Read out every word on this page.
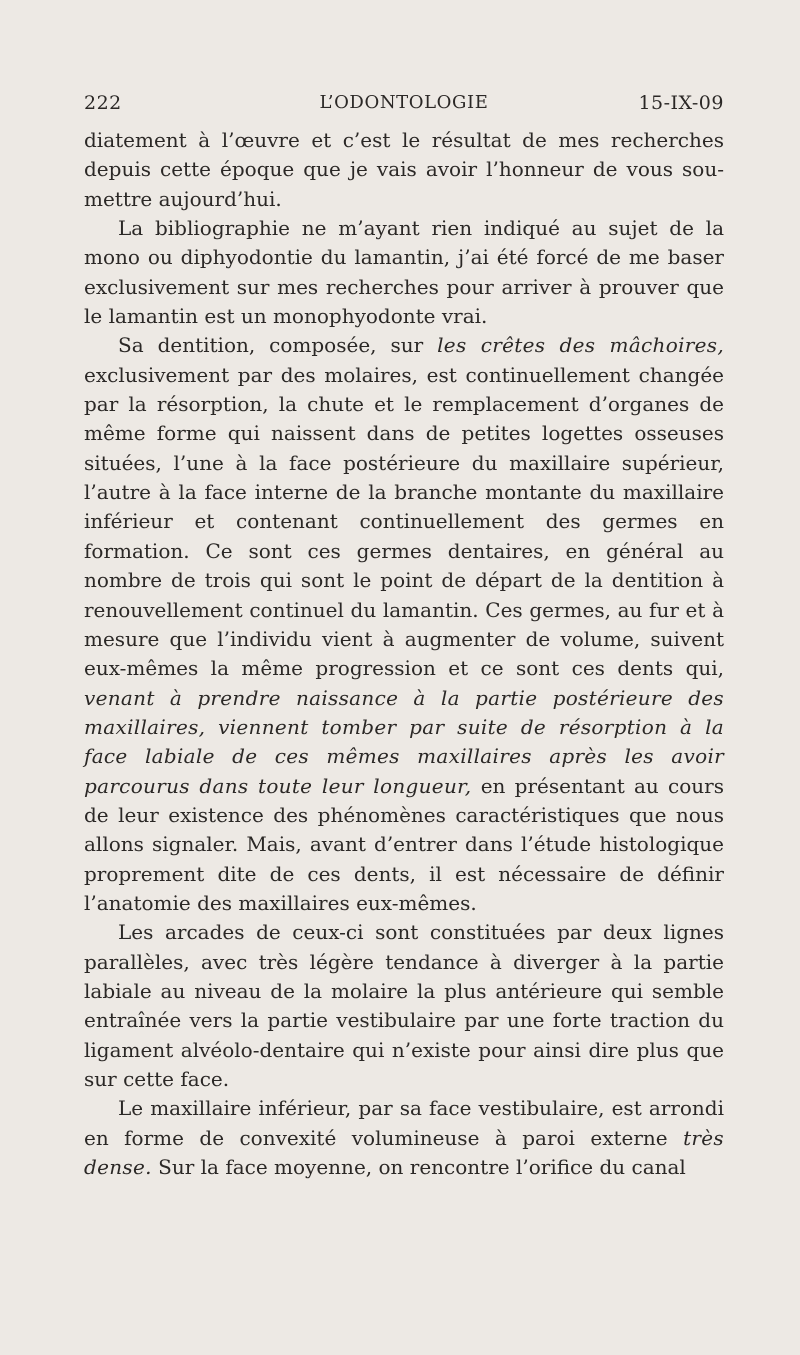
222	L’ODONTOLOGIE	15-IX-09

diatement à l’œuvre et c’est le résultat de mes recherches depuis cette époque que je vais avoir l’honneur de vous soumettre aujourd’hui.

La bibliographie ne m’ayant rien indiqué au sujet de la mono ou diphyodontie du lamantin, j’ai été forcé de me baser exclusivement sur mes recherches pour arriver à prouver que le lamantin est un monophyodonte vrai.

Sa dentition, composée, sur les crêtes des mâchoires, exclusivement par des molaires, est continuellement changée par la résorption, la chute et le remplacement d’organes de même forme qui naissent dans de petites logettes osseuses situées, l’une à la face postérieure du maxillaire supérieur, l’autre à la face interne de la branche montante du maxillaire inférieur et contenant continuellement des germes en formation. Ce sont ces germes dentaires, en général au nombre de trois qui sont le point de départ de la dentition à renouvellement continuel du lamantin. Ces germes, au fur et à mesure que l’individu vient à augmenter de volume, suivent eux-mêmes la même progression et ce sont ces dents qui, venant à prendre naissance à la partie postérieure des maxillaires, viennent tomber par suite de résorption à la face labiale de ces mêmes maxillaires après les avoir parcourus dans toute leur longueur, en présentant au cours de leur existence des phénomènes caractéristiques que nous allons signaler. Mais, avant d’entrer dans l’étude histologique proprement dite de ces dents, il est nécessaire de définir l’anatomie des maxillaires eux-mêmes.

Les arcades de ceux-ci sont constituées par deux lignes parallèles, avec très légère tendance à diverger à la partie labiale au niveau de la molaire la plus antérieure qui semble entraînée vers la partie vestibulaire par une forte traction du ligament alvéolo-dentaire qui n’existe pour ainsi dire plus que sur cette face.

Le maxillaire inférieur, par sa face vestibulaire, est arrondi en forme de convexité volumineuse à paroi externe très dense. Sur la face moyenne, on rencontre l’orifice du canal
